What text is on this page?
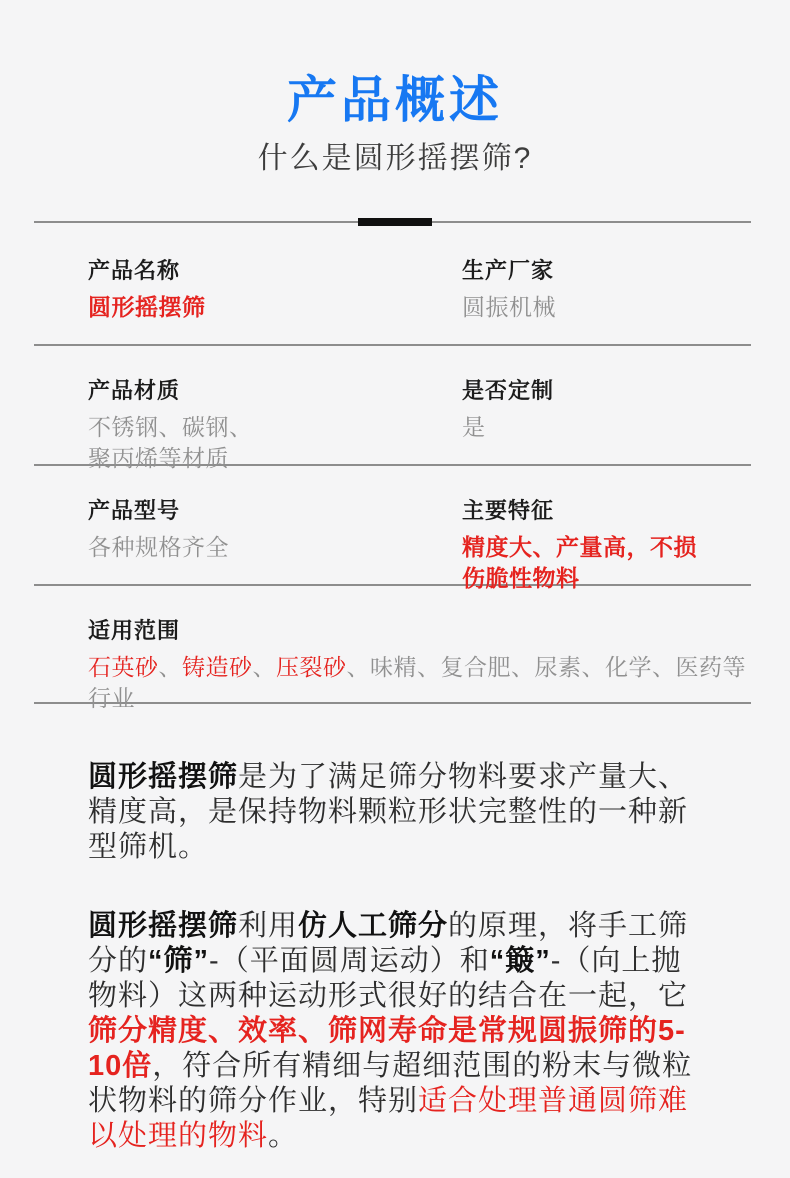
产品概述
什么是圆形摇摆筛?
产品名称
圆形摇摆筛
生产厂家
圆振机械
产品材质
不锈钢、碳钢、聚丙烯等材质
是否定制
是
产品型号
各种规格齐全
主要特征
精度大、产量高，不损伤脆性物料
适用范围
石英砂、铸造砂、压裂砂、味精、复合肥、尿素、化学、医药等行业

圆形摇摆筛是为了满足筛分物料要求产量大、精度高，是保持物料颗粒形状完整性的一种新型筛机。

圆形摇摆筛利用仿人工筛分的原理，将手工筛分的“筛”-（平面圆周运动）和“簸”-（向上抛物料）这两种运动形式很好的结合在一起，它筛分精度、效率、筛网寿命是常规圆振筛的5-10倍，符合所有精细与超细范围的粉末与微粒状物料的筛分作业，特别适合处理普通圆筛难以处理的物料。
